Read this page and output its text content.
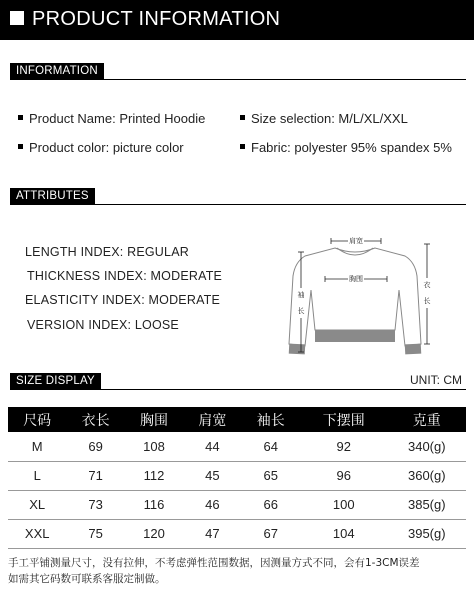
PRODUCT INFORMATION
INFORMATION
Product Name: Printed Hoodie	Size selection: M/L/XL/XXL
Product color: picture color	Fabric: polyester 95% spandex 5%
ATTRIBUTES
LENGTH INDEX: REGULAR
THICKNESS INDEX: MODERATE
ELASTICITY INDEX: MODERATE
VERSION INDEX: LOOSE
肩宽
胸围
袖
长
衣
长
SIZE DISPLAY	UNIT: CM
尺码	衣长	胸围	肩宽	袖长	下摆围	克重
M	69	108	44	64	92	340(g)
L	71	112	45	65	96	360(g)
XL	73	116	46	66	100	385(g)
XXL	75	120	47	67	104	395(g)
手工平铺测量尺寸，没有拉伸，不考虑弹性范围数据，因测量方式不同，会有1-3CM误差
如需其它码数可联系客服定制做。
